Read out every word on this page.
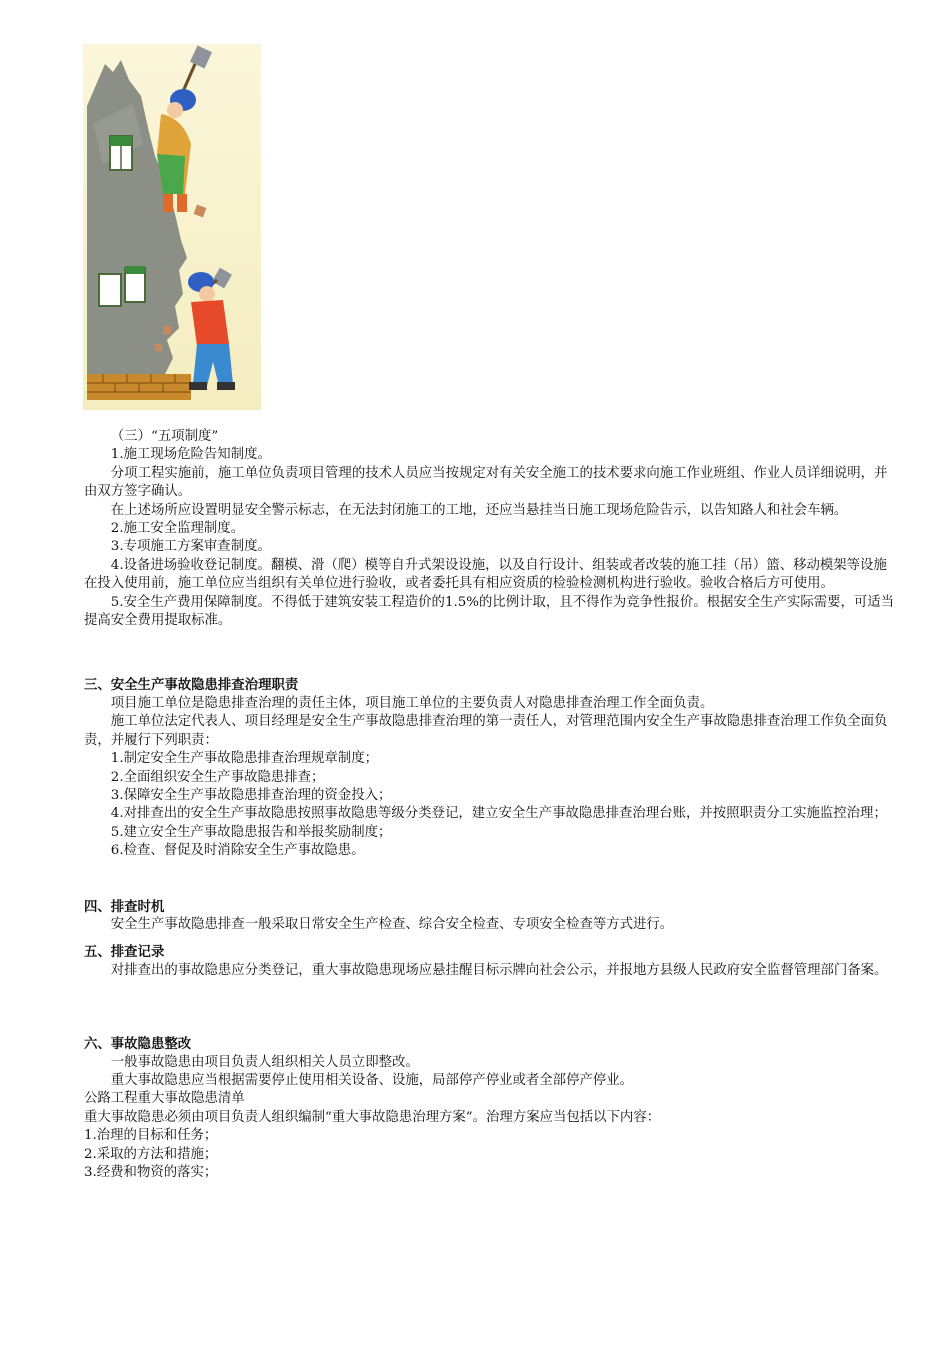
（三）“五项制度”

1.施工现场危险告知制度。

分项工程实施前，施工单位负责项目管理的技术人员应当按规定对有关安全施工的技术要求向施工作业班组、作业人员详细说明，并由双方签字确认。

在上述场所应设置明显安全警示标志，在无法封闭施工的工地，还应当悬挂当日施工现场危险告示，以告知路人和社会车辆。

2.施工安全监理制度。

3.专项施工方案审查制度。

4.设备进场验收登记制度。翻模、滑（爬）模等自升式架设设施，以及自行设计、组装或者改装的施工挂（吊）篮、移动模架等设施在投入使用前，施工单位应当组织有关单位进行验收，或者委托具有相应资质的检验检测机构进行验收。验收合格后方可使用。

5.安全生产费用保障制度。不得低于建筑安装工程造价的1.5%的比例计取，且不得作为竞争性报价。根据安全生产实际需要，可适当提高安全费用提取标准。

三、安全生产事故隐患排查治理职责

项目施工单位是隐患排查治理的责任主体，项目施工单位的主要负责人对隐患排查治理工作全面负责。

施工单位法定代表人、项目经理是安全生产事故隐患排查治理的第一责任人，对管理范围内安全生产事故隐患排查治理工作负全面负责，并履行下列职责：

1.制定安全生产事故隐患排查治理规章制度；

2.全面组织安全生产事故隐患排查；

3.保障安全生产事故隐患排查治理的资金投入；

4.对排查出的安全生产事故隐患按照事故隐患等级分类登记，建立安全生产事故隐患排查治理台账，并按照职责分工实施监控治理；

5.建立安全生产事故隐患报告和举报奖励制度；

6.检查、督促及时消除安全生产事故隐患。

四、排查时机

安全生产事故隐患排查一般采取日常安全生产检查、综合安全检查、专项安全检查等方式进行。

五、排查记录

对排查出的事故隐患应分类登记，重大事故隐患现场应悬挂醒目标示牌向社会公示，并报地方县级人民政府安全监督管理部门备案。

六、事故隐患整改

一般事故隐患由项目负责人组织相关人员立即整改。

重大事故隐患应当根据需要停止使用相关设备、设施，局部停产停业或者全部停产停业。

公路工程重大事故隐患清单

重大事故隐患必须由项目负责人组织编制“重大事故隐患治理方案”。治理方案应当包括以下内容：

1.治理的目标和任务；

2.采取的方法和措施；

3.经费和物资的落实；
